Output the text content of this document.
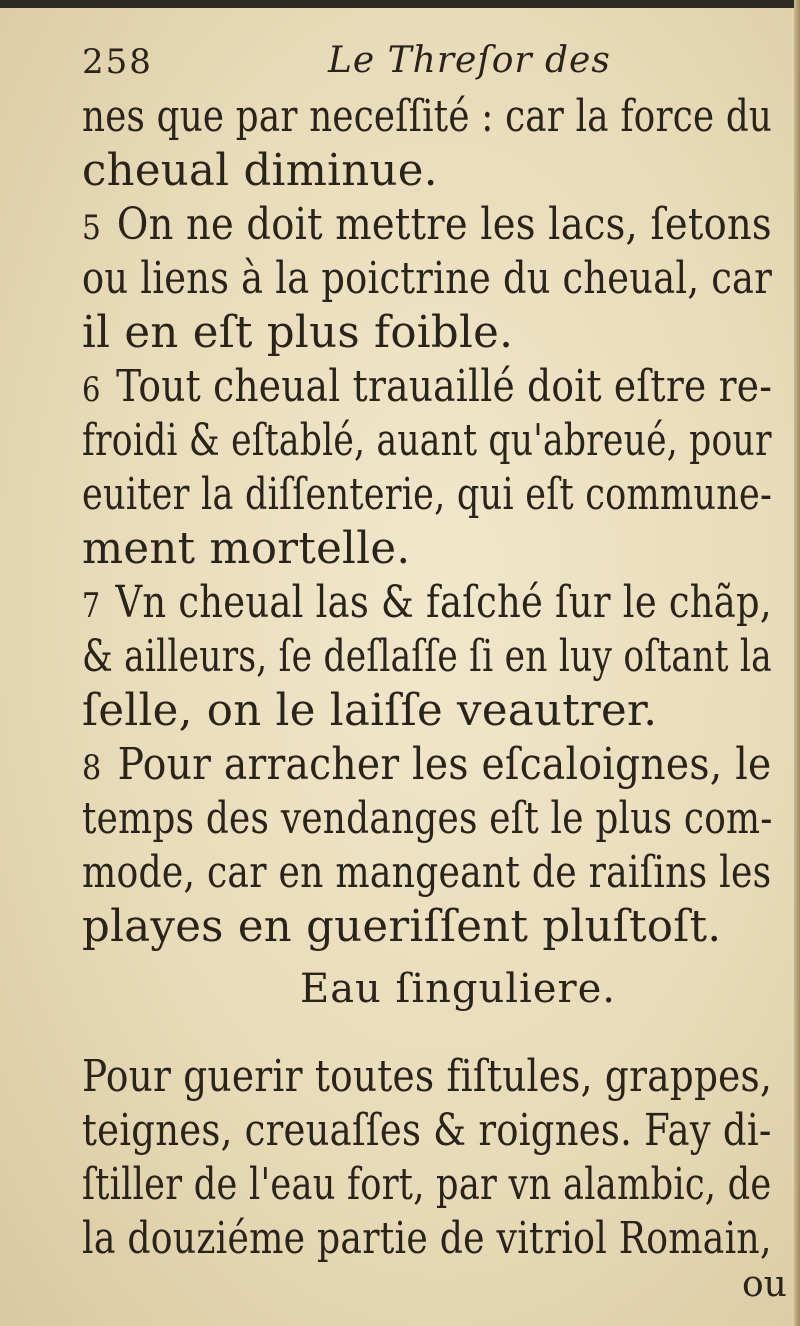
258	Le Threſor des
nes que par neceſſité : car la force du
cheual diminue.
5 On ne doit mettre les lacs, ſetons
ou liens à la poictrine du cheual, car
il en eſt plus foible.
6 Tout cheual trauaillé doit eſtre re-
froidi & eſtablé, auant qu'abreué, pour
euiter la diſſenterie, qui eſt commune-
ment mortelle.
7 Vn cheual las & faſché ſur le chãp,
& ailleurs, ſe deſlaſſe ſi en luy oſtant la
ſelle, on le laiſſe veautrer.
8 Pour arracher les eſcaloignes, le
temps des vendanges eſt le plus com-
mode, car en mangeant de raiſins les
playes en gueriſſent pluſtoſt.
Eau ſinguliere.
Pour guerir toutes fiſtules, grappes,
teignes, creuaſſes & roignes. Fay di-
ſtiller de l'eau fort, par vn alambic, de
la douziéme partie de vitriol Romain,
ou
